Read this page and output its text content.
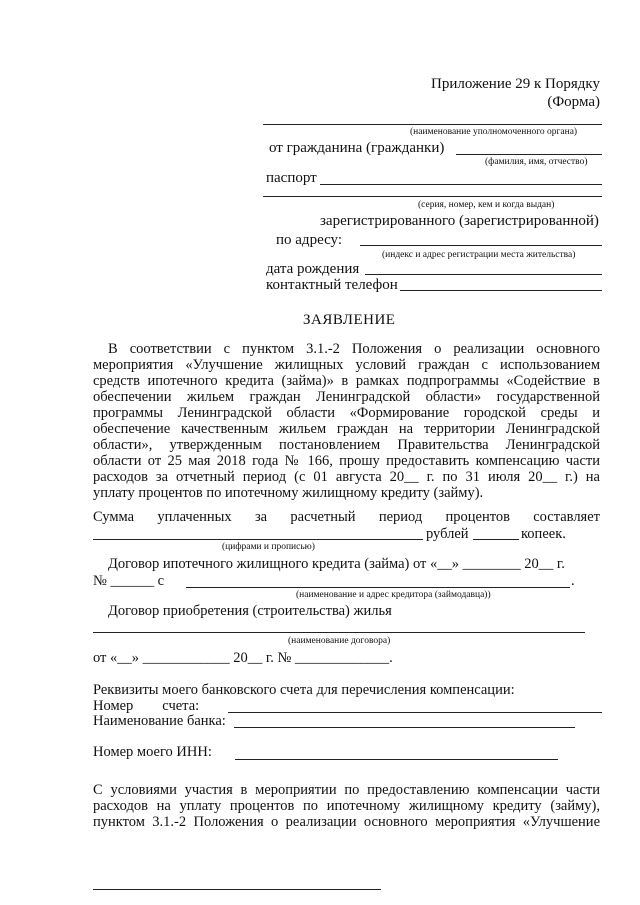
Приложение 29 к Порядку
(Форма)
(наименование уполномоченного органа)
от гражданина (гражданки)
(фамилия, имя, отчество)
паспорт
(серия, номер, кем и когда выдан)
зарегистрированного (зарегистрированной)
по адресу:
(индекс и адрес регистрации места жительства)
дата рождения
контактный телефон
ЗАЯВЛЕНИЕ
В соответствии с пунктом 3.1.-2 Положения о реализации основного
мероприятия «Улучшение жилищных условий граждан с использованием
средств ипотечного кредита (займа)» в рамках подпрограммы «Содействие в
обеспечении жильем граждан Ленинградской области» государственной
программы Ленинградской области «Формирование городской среды и
обеспечение качественным жильем граждан на территории Ленинградской
области», утвержденным постановлением Правительства Ленинградской
области от 25 мая 2018 года № 166, прошу предоставить компенсацию части
расходов за отчетный период (с 01 августа 20__ г. по 31 июля 20__ г.) на
уплату процентов по ипотечному жилищному кредиту (займу).
Сумма уплаченных за расчетный период процентов составляет
рублей	копеек.
(цифрами и прописью)
Договор ипотечного жилищного кредита (займа) от «__» ________ 20__ г.
№ ______ с	.
(наименование и адрес кредитора (займодавца))
Договор приобретения (строительства) жилья
(наименование договора)
от «__» ____________ 20__ г. № _____________.
Реквизиты моего банковского счета для перечисления компенсации:
Номер        счета:
Наименование банка:
Номер моего ИНН:
С условиями участия в мероприятии по предоставлению компенсации части
расходов на уплату процентов по ипотечному жилищному кредиту (займу),
пунктом 3.1.-2 Положения о реализации основного мероприятия «Улучшение
